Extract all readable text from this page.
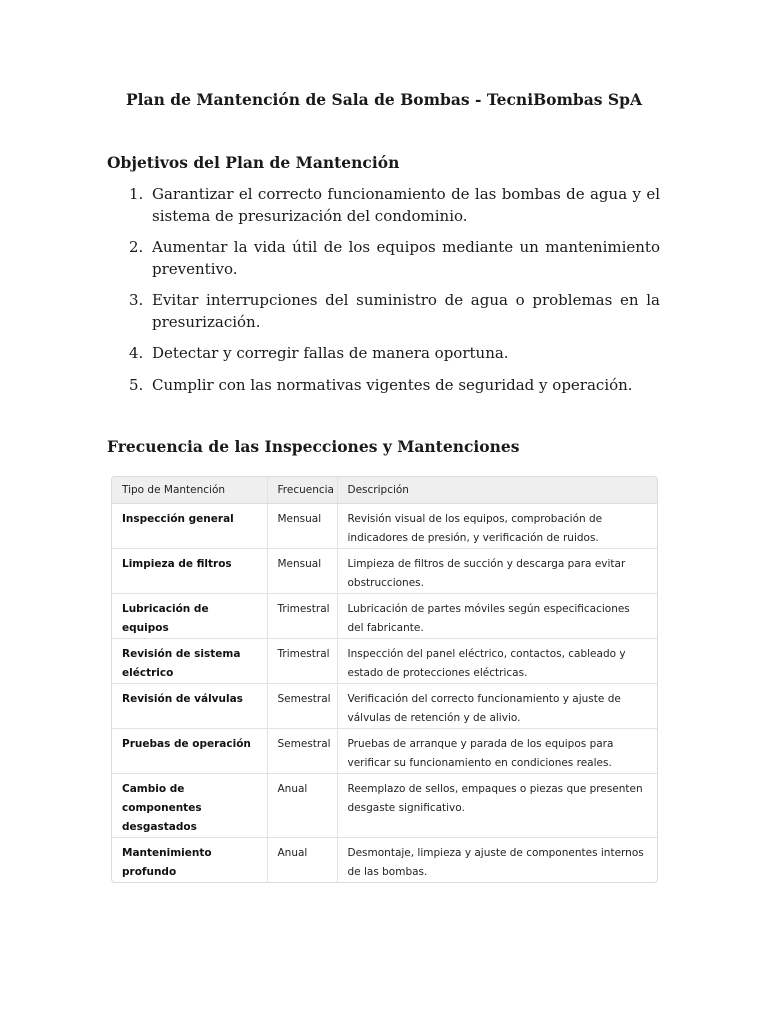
Plan de Mantención de Sala de Bombas - TecniBombas SpA
Objetivos del Plan de Mantención
1. Garantizar el correcto funcionamiento de las bombas de agua y el sistema de presurización del condominio.
2. Aumentar la vida útil de los equipos mediante un mantenimiento preventivo.
3. Evitar interrupciones del suministro de agua o problemas en la presurización.
4. Detectar y corregir fallas de manera oportuna.
5. Cumplir con las normativas vigentes de seguridad y operación.
Frecuencia de las Inspecciones y Mantenciones
Tipo de Mantención	Frecuencia	Descripción
Inspección general	Mensual	Revisión visual de los equipos, comprobación de indicadores de presión, y verificación de ruidos.
Limpieza de filtros	Mensual	Limpieza de filtros de succión y descarga para evitar obstrucciones.
Lubricación de equipos	Trimestral	Lubricación de partes móviles según especificaciones del fabricante.
Revisión de sistema eléctrico	Trimestral	Inspección del panel eléctrico, contactos, cableado y estado de protecciones eléctricas.
Revisión de válvulas	Semestral	Verificación del correcto funcionamiento y ajuste de válvulas de retención y de alivio.
Pruebas de operación	Semestral	Pruebas de arranque y parada de los equipos para verificar su funcionamiento en condiciones reales.
Cambio de componentes desgastados	Anual	Reemplazo de sellos, empaques o piezas que presenten desgaste significativo.
Mantenimiento profundo	Anual	Desmontaje, limpieza y ajuste de componentes internos de las bombas.
